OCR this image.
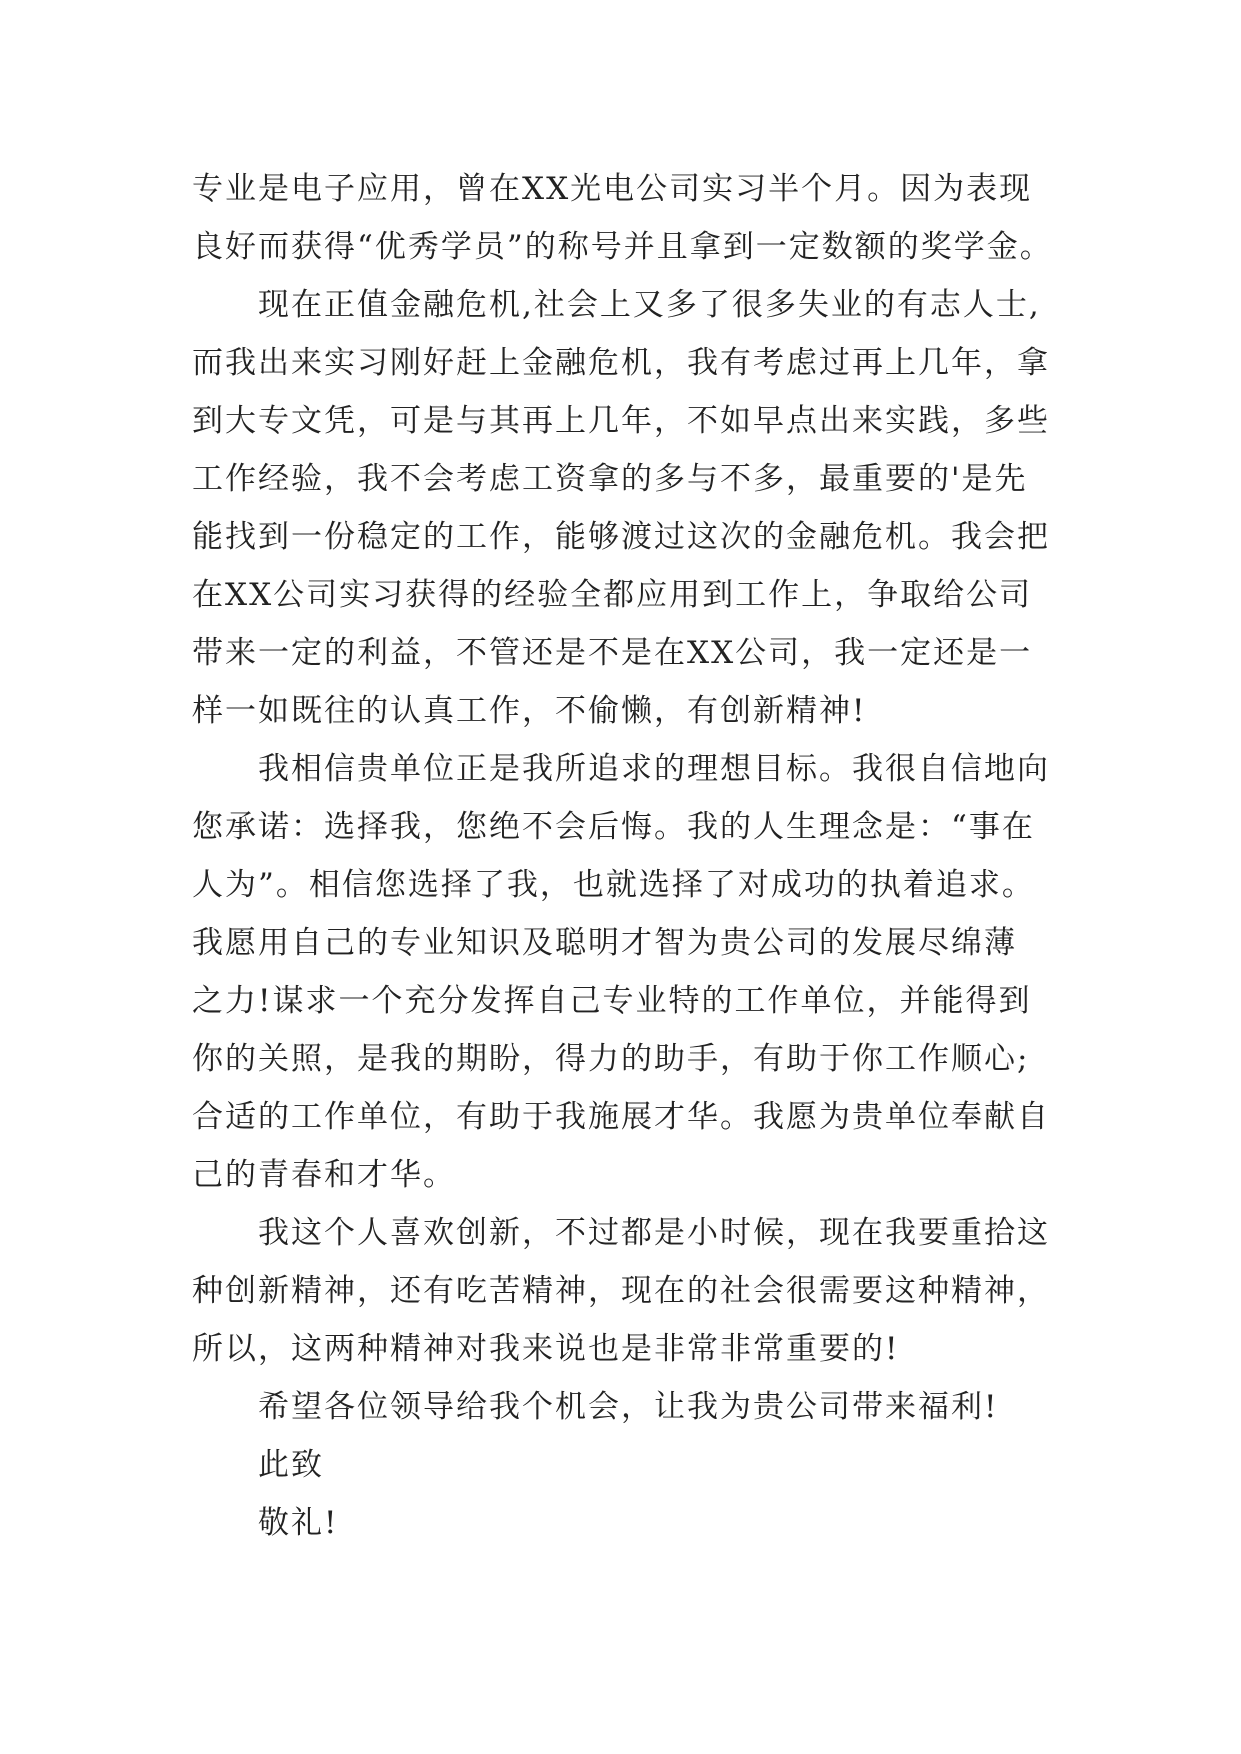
专业是电子应用，曾在XX光电公司实习半个月。因为表现
良好而获得“优秀学员”的称号并且拿到一定数额的奖学金。
现在正值金融危机,社会上又多了很多失业的有志人士,
而我出来实习刚好赶上金融危机，我有考虑过再上几年，拿
到大专文凭，可是与其再上几年，不如早点出来实践，多些
工作经验，我不会考虑工资拿的多与不多，最重要的'是先
能找到一份稳定的工作，能够渡过这次的金融危机。我会把
在XX公司实习获得的经验全都应用到工作上，争取给公司
带来一定的利益，不管还是不是在XX公司，我一定还是一
样一如既往的认真工作，不偷懒，有创新精神!
我相信贵单位正是我所追求的理想目标。我很自信地向
您承诺：选择我，您绝不会后悔。我的人生理念是：“事在
人为”。相信您选择了我，也就选择了对成功的执着追求。
我愿用自己的专业知识及聪明才智为贵公司的发展尽绵薄
之力!谋求一个充分发挥自己专业特的工作单位，并能得到
你的关照，是我的期盼，得力的助手，有助于你工作顺心;
合适的工作单位，有助于我施展才华。我愿为贵单位奉献自
己的青春和才华。
我这个人喜欢创新，不过都是小时候，现在我要重拾这
种创新精神，还有吃苦精神，现在的社会很需要这种精神，
所以，这两种精神对我来说也是非常非常重要的!
希望各位领导给我个机会，让我为贵公司带来福利!
此致
敬礼!
